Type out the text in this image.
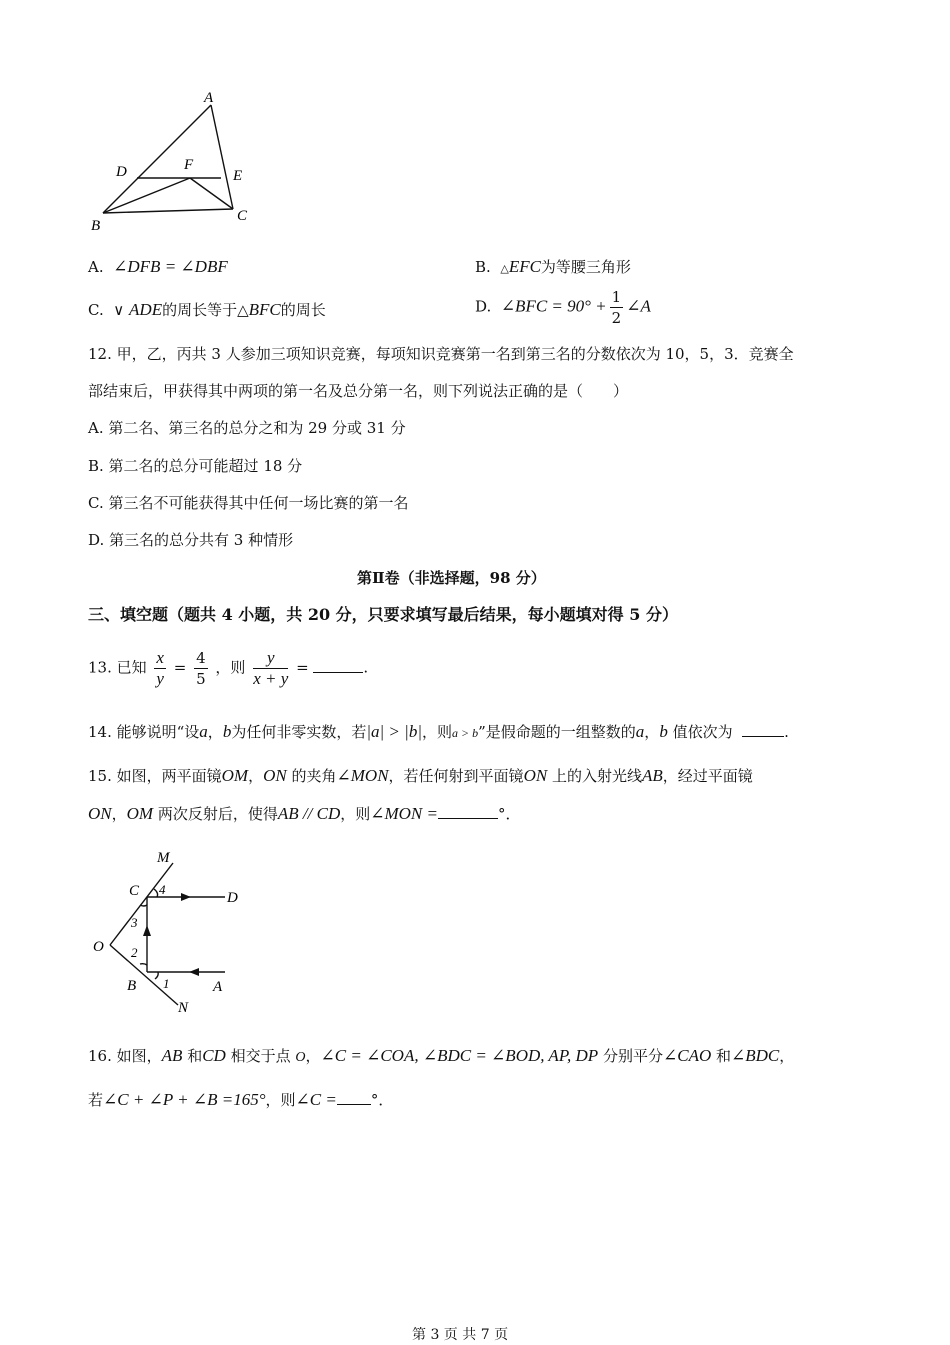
A
D	F
E
B
C
A. ∠DFB = ∠DBF	B. △EFC为等腰三角形
C. ∨ ADE的周长等于△BFC的周长	D. ∠BFC = $90^\circ + \frac{1}{2}$ ∠A
12. 甲，乙，丙共 3 人参加三项知识竞赛，每项知识竞赛第一名到第三名的分数依次为 10，5，3．竞赛全
部结束后，甲获得其中两项的第一名及总分第一名，则下列说法正确的是（　　）
A. 第二名、第三名的总分之和为 29 分或 31 分
B. 第二名的总分可能超过 18 分
C. 第三名不可能获得其中任何一场比赛的第一名
D. 第三名的总分共有 3 种情形
第Ⅱ卷（非选择题，98 分）
三、填空题（题共 4 小题，共 20 分，只要求填写最后结果，每小题填对得 5 分）
13. 已知 $\frac{x}{y} = \frac{4}{5}$ ，则 $\frac{y}{x + y}$ =	.
14. 能够说明“设a，b为任何非零实数，若|a| > |b|，则a > b”是假命题的一组整数的a，b 值依次为	.
15. 如图，两平面镜OM，ON 的夹角∠MON，若任何射到平面镜ON 上的入射光线AB，经过平面镜
ON，OM 两次反射后，使得AB // CD，则∠MON =	°．
M
C	D
O
B	A
N
4
3
2
1
16. 如图，AB 和CD 相交于点 O，∠C = ∠COA, ∠BDC = ∠BOD, AP, DP 分别平分∠CAO 和∠BDC，
若∠C + ∠P + ∠B =165°，则∠C = °．
第 3 页 共 7 页
